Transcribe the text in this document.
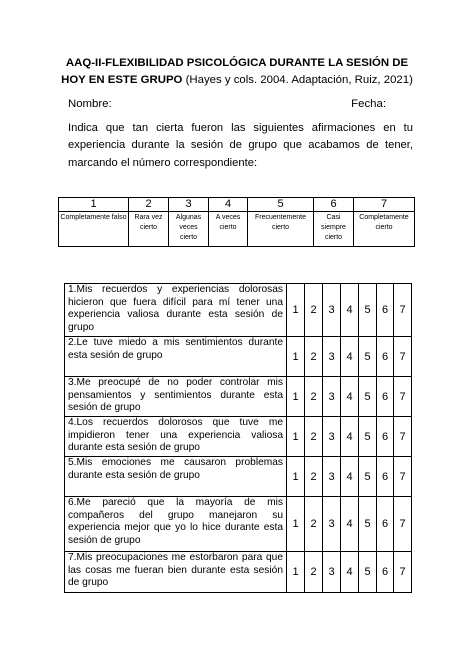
AAQ-II-FLEXIBILIDAD PSICOLÓGICA DURANTE LA SESIÓN DE HOY EN ESTE GRUPO (Hayes y cols. 2004. Adaptación, Ruiz, 2021)
Nombre:	Fecha:
Indica que tan cierta fueron las siguientes afirmaciones en tu experiencia durante la sesión de grupo que acabamos de tener, marcando el número correspondiente:
1	2	3	4	5	6	7
Completamente falso	Rara vez cierto	Algunas veces cierto	A veces cierto	Frecuentemente cierto	Casi siempre cierto	Completamente cierto
1.Mis recuerdos y experiencias dolorosas hicieron que fuera difícil para mí tener una experiencia valiosa durante esta sesión de grupo	1	2	3	4	5	6	7
2.Le tuve miedo a mis sentimientos durante esta sesión de grupo	1	2	3	4	5	6	7
3.Me preocupé de no poder controlar mis pensamientos y sentimientos durante esta sesión de grupo	1	2	3	4	5	6	7
4.Los recuerdos dolorosos que tuve me impidieron tener una experiencia valiosa durante esta sesión de grupo	1	2	3	4	5	6	7
5.Mis emociones me causaron problemas durante esta sesión de grupo	1	2	3	4	5	6	7
6.Me pareció que la mayoría de mis compañeros del grupo manejaron su experiencia mejor que yo lo hice durante esta sesión de grupo	1	2	3	4	5	6	7
7.Mis preocupaciones me estorbaron para que las cosas me fueran bien durante esta sesión de grupo	1	2	3	4	5	6	7
